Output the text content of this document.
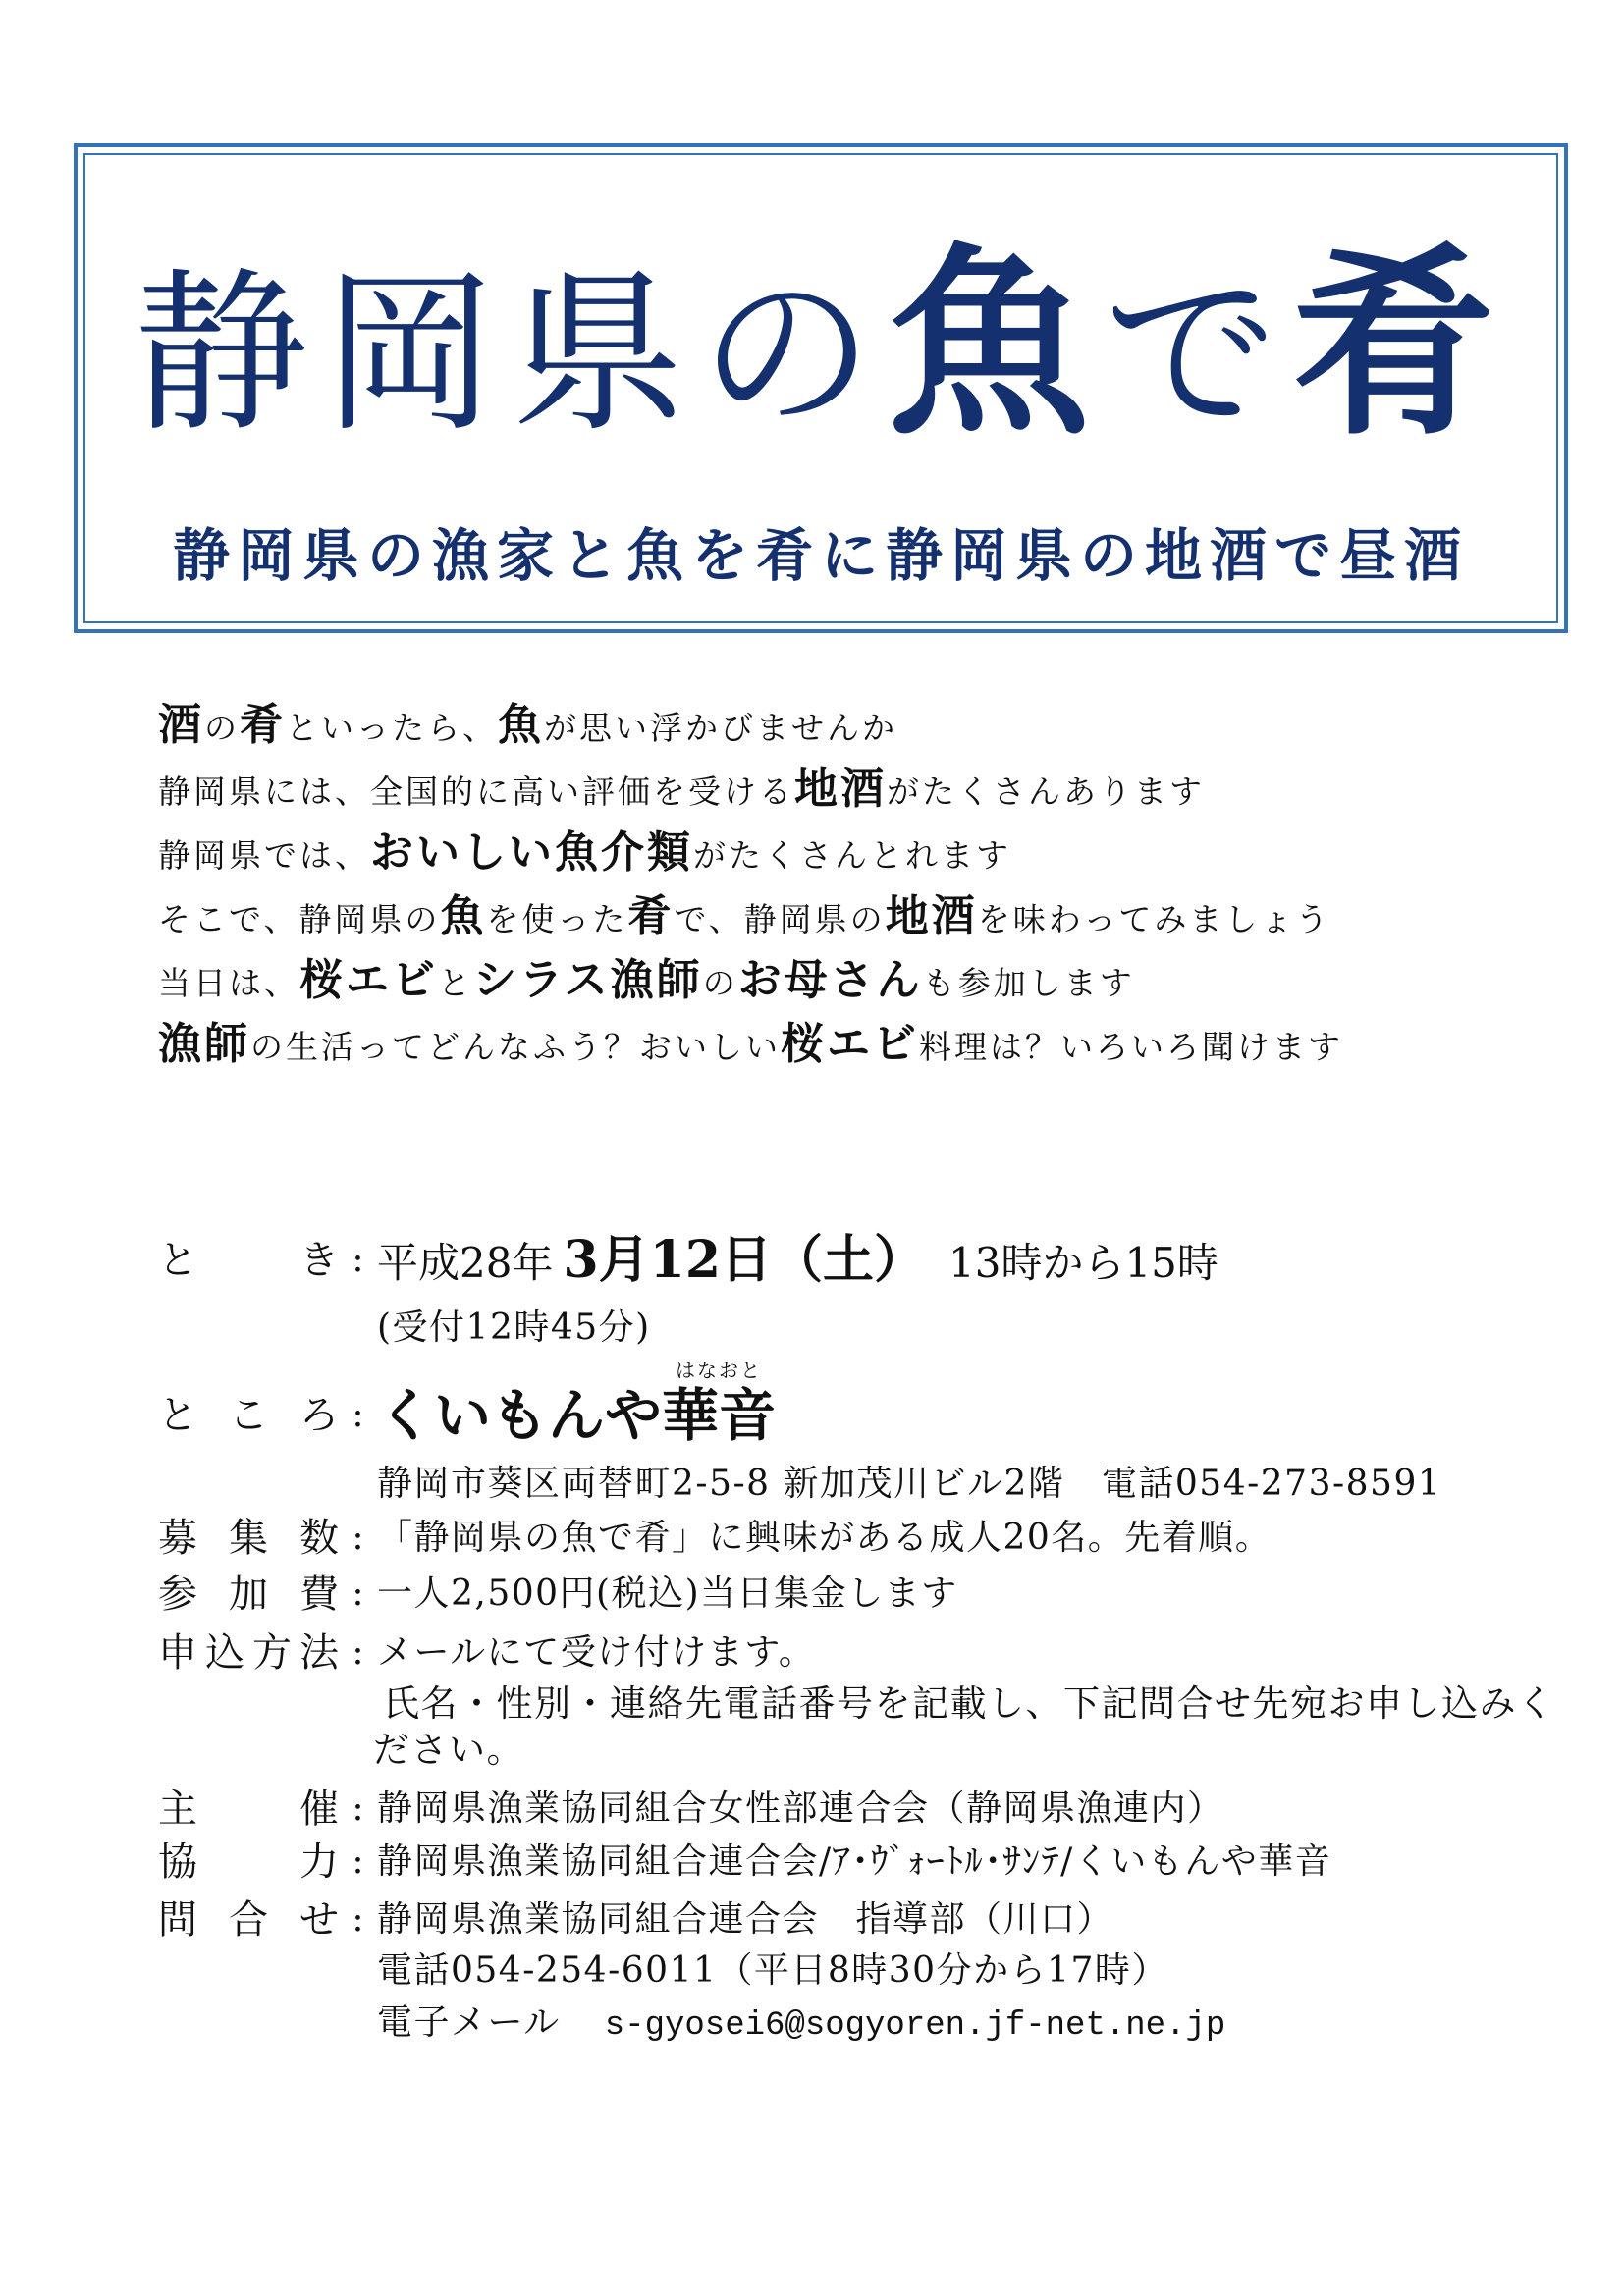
静岡県の魚で肴
静岡県の漁家と魚を肴に静岡県の地酒で昼酒
酒の肴といったら、魚が思い浮かびませんか
静岡県には、全国的に高い評価を受ける地酒がたくさんあります
静岡県では、おいしい魚介類がたくさんとれます
そこで、静岡県の魚を使った肴で、静岡県の地酒を味わってみましょう
当日は、桜エビとシラス漁師のお母さんも参加します
漁師の生活ってどんなふう？おいしい桜エビ料理は？いろいろ聞けます
とき : 平成28年 3月12日（土） 13時から15時
(受付12時45分)
ところ : くいもんや華音
はなおと
静岡市葵区両替町2-5-8 新加茂川ビル2階　電話054-273-8591
募集数 : 「静岡県の魚で肴」に興味がある成人20名。先着順。
参加費 : 一人2,500円(税込)当日集金します
申込方法 : メールにて受け付けます。
氏名・性別・連絡先電話番号を記載し、下記問合せ先宛お申し込みく
ださい。
主催 : 静岡県漁業協同組合女性部連合会（静岡県漁連内）
協力 : 静岡県漁業協同組合連合会/ｱ･ｳﾞｫｰﾄﾙ･ｻﾝﾃ/くいもんや華音
問合せ : 静岡県漁業協同組合連合会　指導部（川口）
電話054-254-6011（平日8時30分から17時）
電子メール s-gyosei6@sogyoren.jf-net.ne.jp
